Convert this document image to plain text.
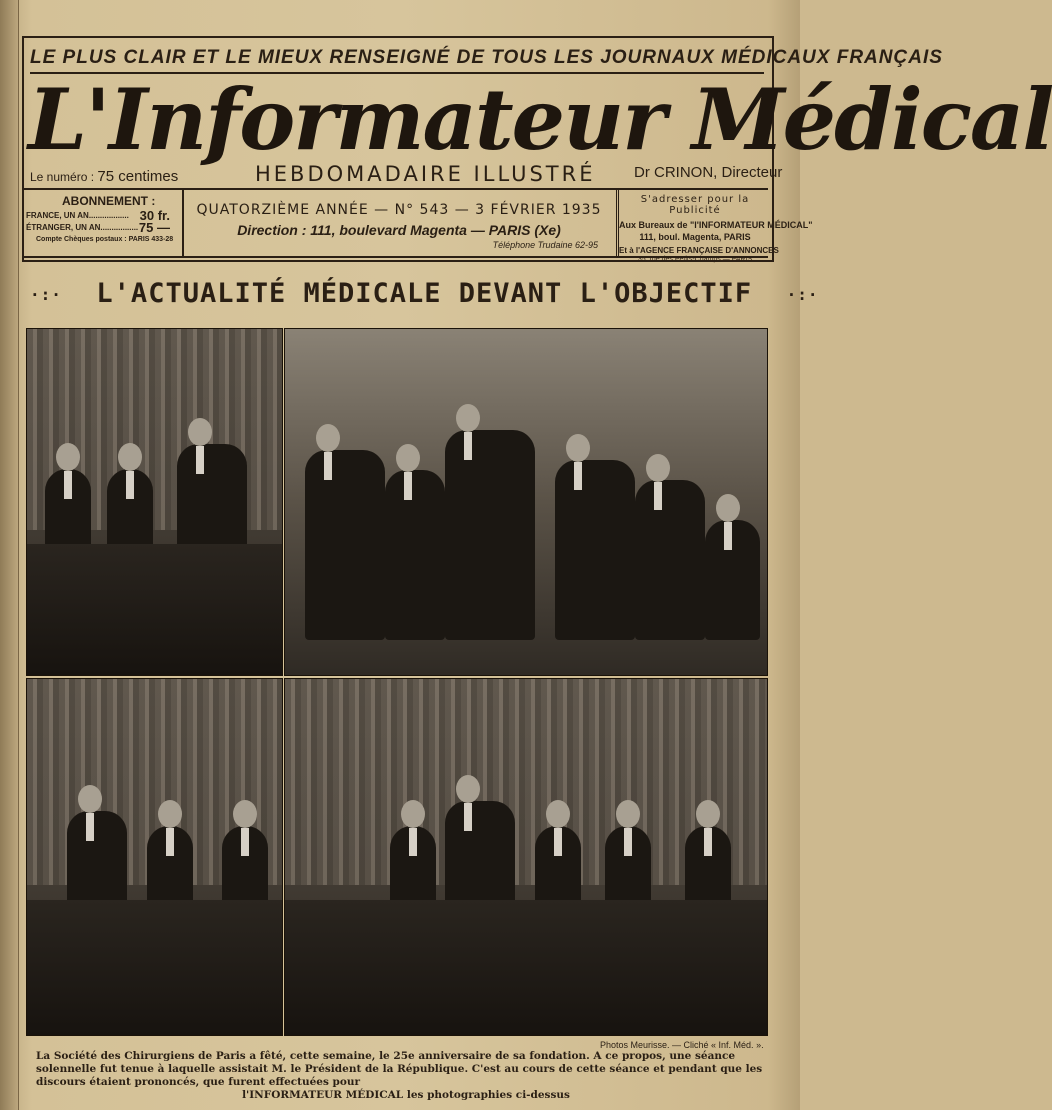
LE PLUS CLAIR ET LE MIEUX RENSEIGNÉ DE TOUS LES JOURNAUX MÉDICAUX FRANÇAIS
L'Informateur Médical
Le numéro : 75 centimes	HEBDOMADAIRE ILLUSTRÉ	Dr CRINON, Directeur
ABONNEMENT :
FRANCE, UN AN.................. 30 fr.
ÉTRANGER, UN AN................. 75 —
Compte Chèques postaux : PARIS 433-28
QUATORZIÈME ANNÉE — N° 543 — 3 FÉVRIER 1935
Direction : 111, boulevard Magenta — PARIS (Xe)
Téléphone Trudaine 62-95
S'adresser pour la Publicité
Aux Bureaux de "l'INFORMATEUR MÉDICAL"
111, boul. Magenta, PARIS
Et à l'AGENCE FRANÇAISE D'ANNONCES
35, rue des Petits-Champs — PARIS
·:· L'ACTUALITÉ MÉDICALE DEVANT L'OBJECTIF ·:·
Photos Meurisse. — Cliché « Inf. Méd. ».
La Société des Chirurgiens de Paris a fêté, cette semaine, le 25e anniversaire de sa fondation. A ce propos, une séance solennelle fut tenue à laquelle assistait M. le Président de la République. C'est au cours de cette séance et pendant que les discours étaient prononcés, que furent effectuées pour
l'INFORMATEUR MÉDICAL les photographies ci-dessus
